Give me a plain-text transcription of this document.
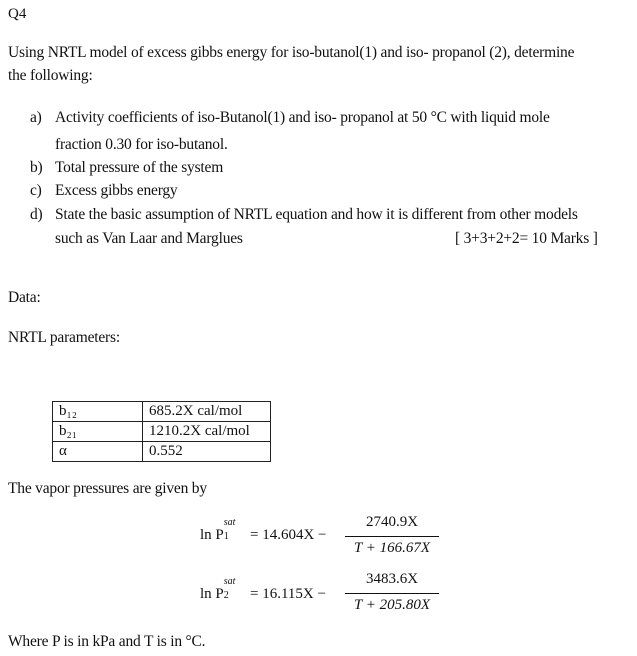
Q4
Using NRTL model of excess gibbs energy for iso-butanol(1) and iso- propanol (2), determine
the following:
a) Activity coefficients of iso-Butanol(1) and iso- propanol at 50 °C with liquid mole
fraction 0.30 for iso-butanol.
b) Total pressure of the system
c) Excess gibbs energy
d) State the basic assumption of NRTL equation and how it is different from other models
such as Van Laar and Marglues	[ 3+3+2+2= 10 Marks ]
Data:
NRTL parameters:
b₁₂	685.2X cal/mol
b₂₁	1210.2X cal/mol
α	0.552
The vapor pressures are given by
ln P
sat
1 = 14.604X −
2740.9X
T + 166.67X
ln P
sat
2 = 16.115X −
3483.6X
T + 205.80X
Where P is in kPa and T is in °C.
